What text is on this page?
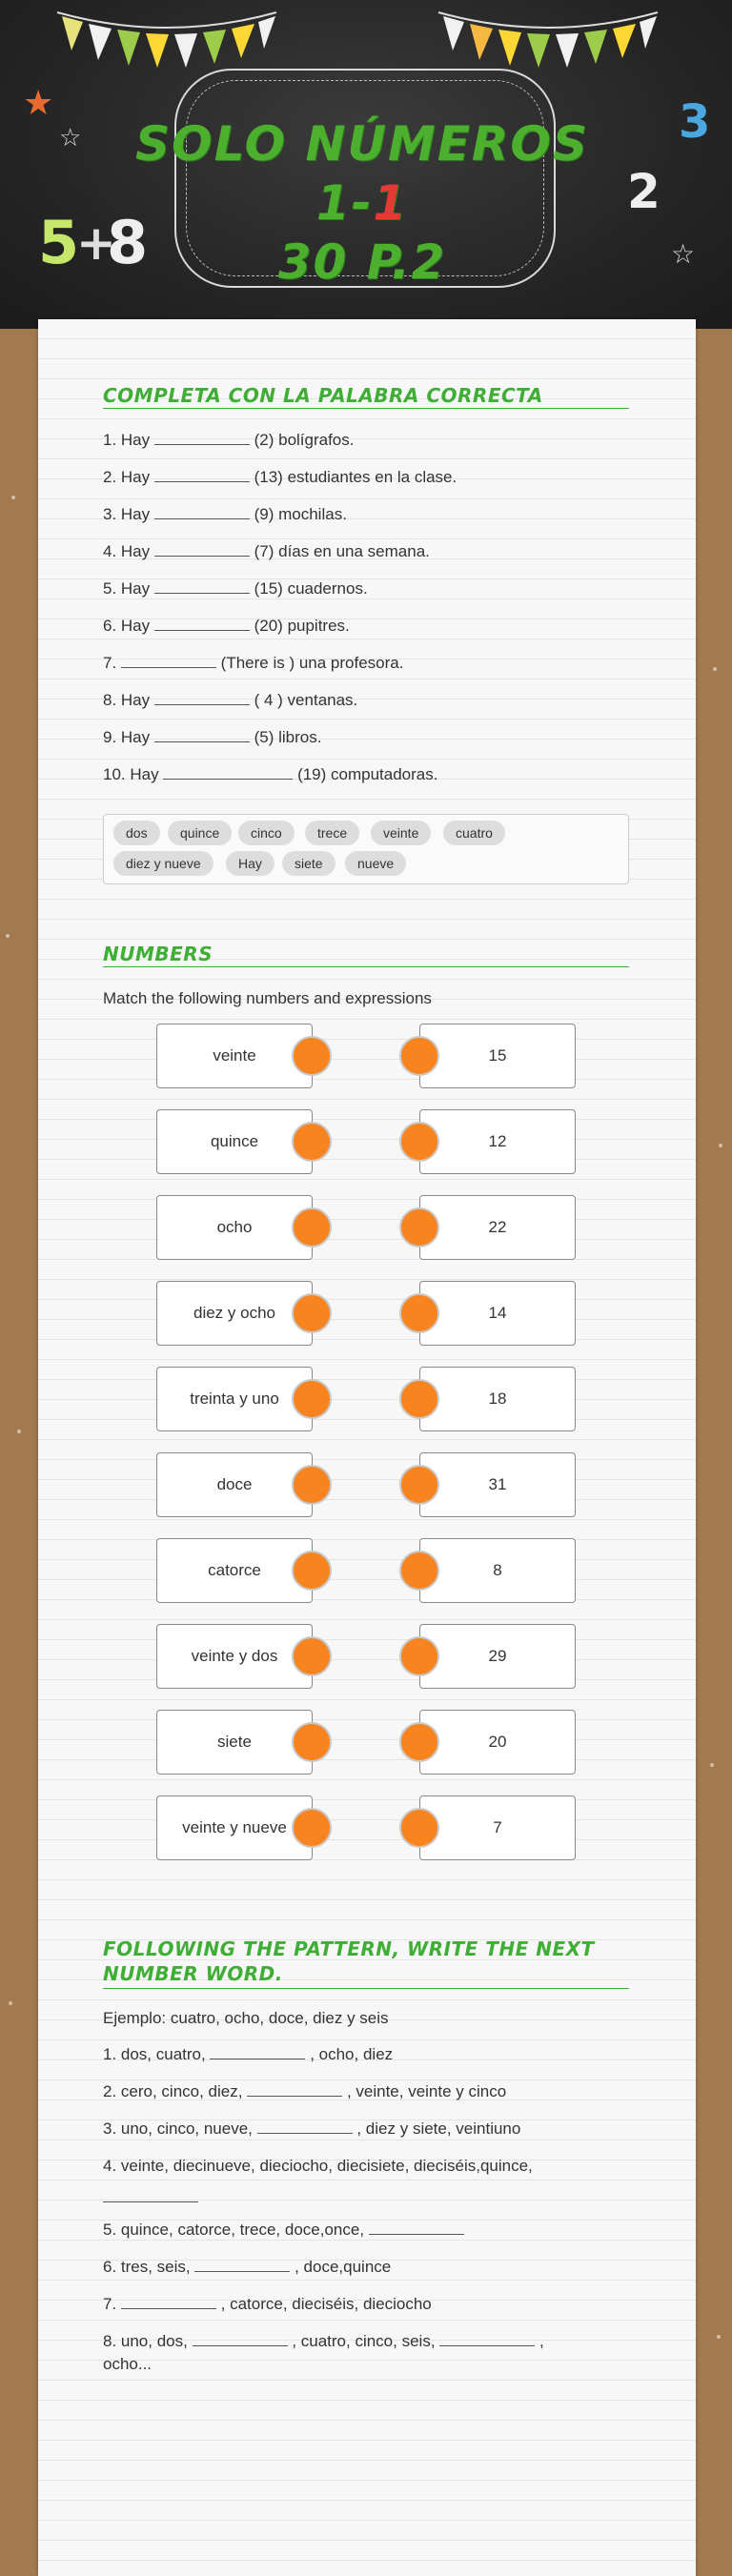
SOLO NÚMEROS 1-1
30 P.2
★
☆
☆
5
+
8
3
2
COMPLETA CON LA PALABRA CORRECTA
1. Hay	(2) bolígrafos.
2. Hay	(13) estudiantes en la clase.
3. Hay	(9) mochilas.
4. Hay	(7) días en una semana.
5. Hay	(15) cuadernos.
6. Hay	(20) pupitres.
7.	(There is ) una profesora.
8. Hay	( 4 ) ventanas.
9. Hay	(5) libros.
10. Hay	(19) computadoras.
dos	quince	cinco	trece	veinte	cuatro
diez y nueve	Hay	siete	nueve
NUMBERS
Match the following numbers and expressions
veinte	15
quince	12
ocho	22
diez y ocho	14
treinta y uno	18
doce	31
catorce	8
veinte y dos	29
siete	20
veinte y nueve	7
FOLLOWING THE PATTERN, WRITE THE NEXT NUMBER WORD.
Ejemplo: cuatro, ocho, doce, diez y seis
1. dos, cuatro,	, ocho, diez
2. cero, cinco, diez,	, veinte, veinte y cinco
3. uno, cinco, nueve,	, diez y siete, veintiuno
4. veinte, diecinueve, dieciocho, diecisiete, dieciséis,quince,
5. quince, catorce, trece, doce,once,
6. tres, seis,	, doce,quince
7.	, catorce, dieciséis, dieciocho
8. uno, dos,	, cuatro, cinco, seis,	,
ocho...
